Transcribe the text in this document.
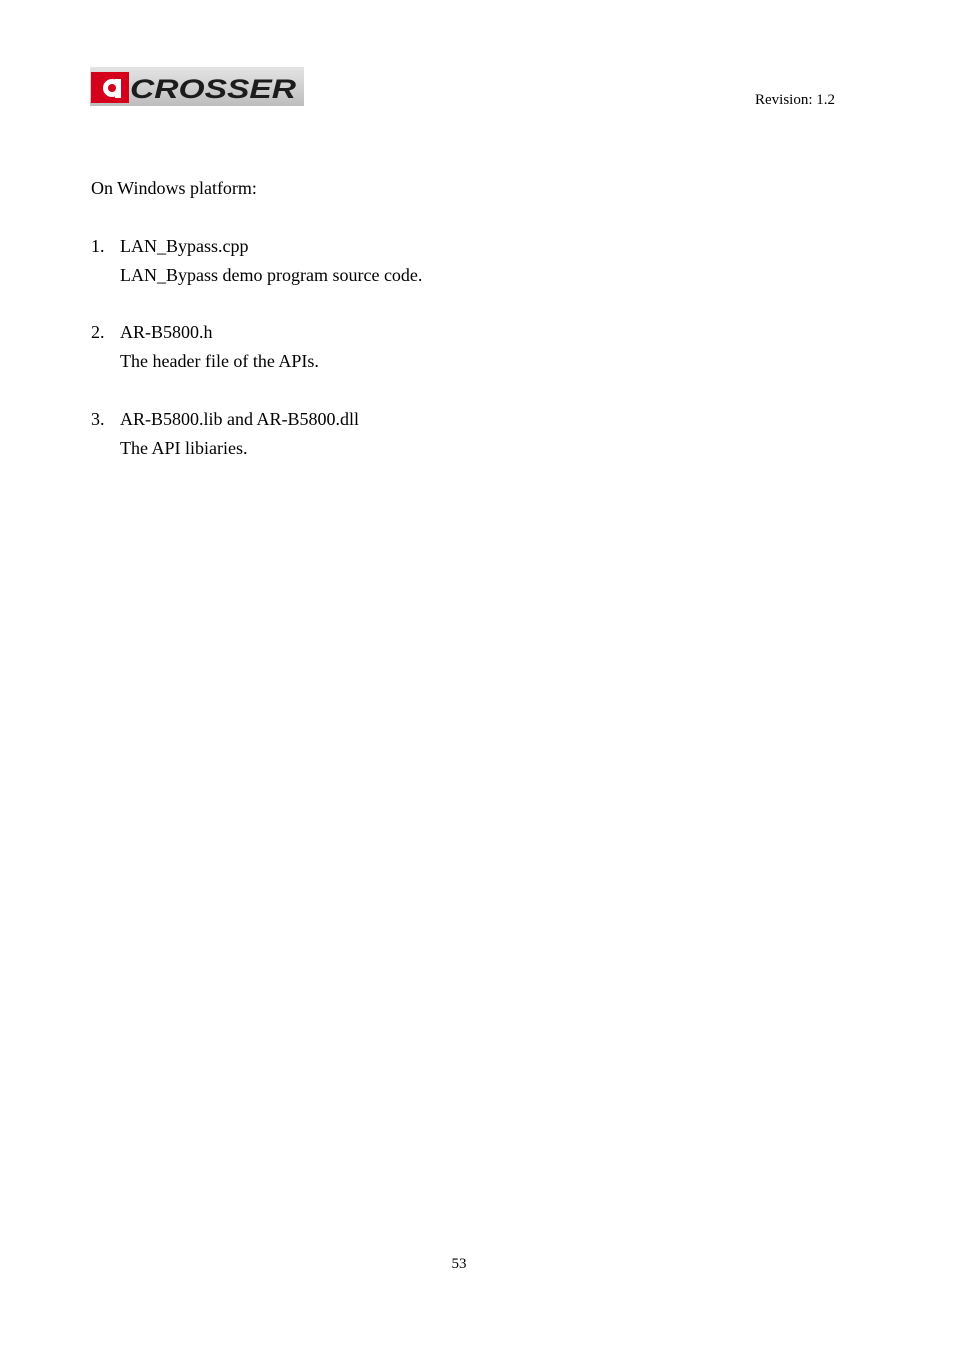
CROSSER	Revision: 1.2
On Windows platform:
1. LAN_Bypass.cpp
LAN_Bypass demo program source code.
2. AR-B5800.h
The header file of the APIs.
3. AR-B5800.lib and AR-B5800.dll
The API libiaries.
53
